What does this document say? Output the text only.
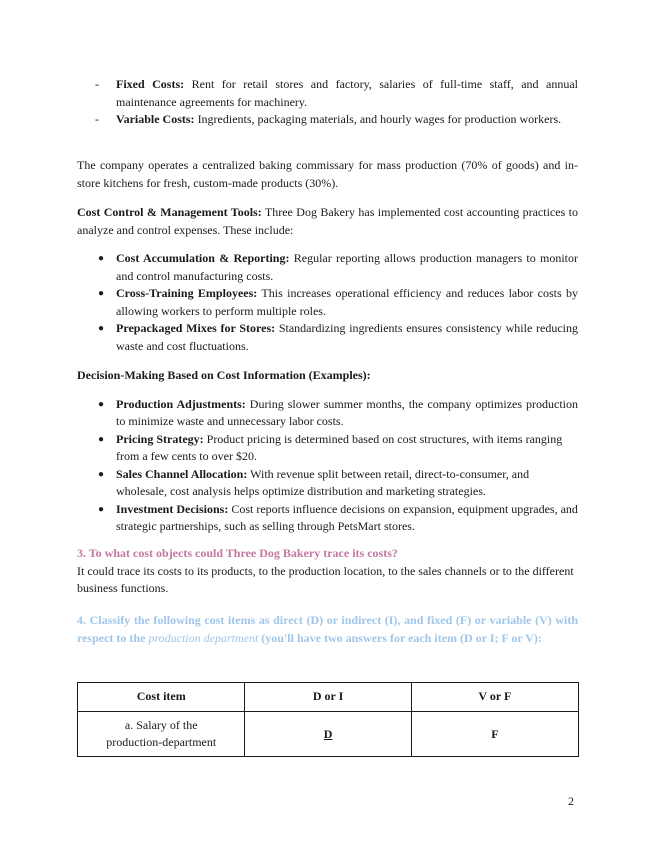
- Fixed Costs: Rent for retail stores and factory, salaries of full-time staff, and annual maintenance agreements for machinery.
- Variable Costs: Ingredients, packaging materials, and hourly wages for production workers.
The company operates a centralized baking commissary for mass production (70% of goods) and in-store kitchens for fresh, custom-made products (30%).
Cost Control & Management Tools: Three Dog Bakery has implemented cost accounting practices to analyze and control expenses. These include:
● Cost Accumulation & Reporting: Regular reporting allows production managers to monitor and control manufacturing costs.
● Cross-Training Employees: This increases operational efficiency and reduces labor costs by allowing workers to perform multiple roles.
● Prepackaged Mixes for Stores: Standardizing ingredients ensures consistency while reducing waste and cost fluctuations.
Decision-Making Based on Cost Information (Examples):
● Production Adjustments: During slower summer months, the company optimizes production to minimize waste and unnecessary labor costs.
● Pricing Strategy: Product pricing is determined based on cost structures, with items ranging from a few cents to over $20.
● Sales Channel Allocation: With revenue split between retail, direct-to-consumer, and wholesale, cost analysis helps optimize distribution and marketing strategies.
● Investment Decisions: Cost reports influence decisions on expansion, equipment upgrades, and strategic partnerships, such as selling through PetsMart stores.
3. To what cost objects could Three Dog Bakery trace its costs?
It could trace its costs to its products, to the production location, to the sales channels or to the different business functions.
4. Classify the following cost items as direct (D) or indirect (I), and fixed (F) or variable (V) with respect to the production department (you'll have two answers for each item (D or I; F or V):
Cost item	D or I	V or F

a. Salary of the
production-department	D	F
2
